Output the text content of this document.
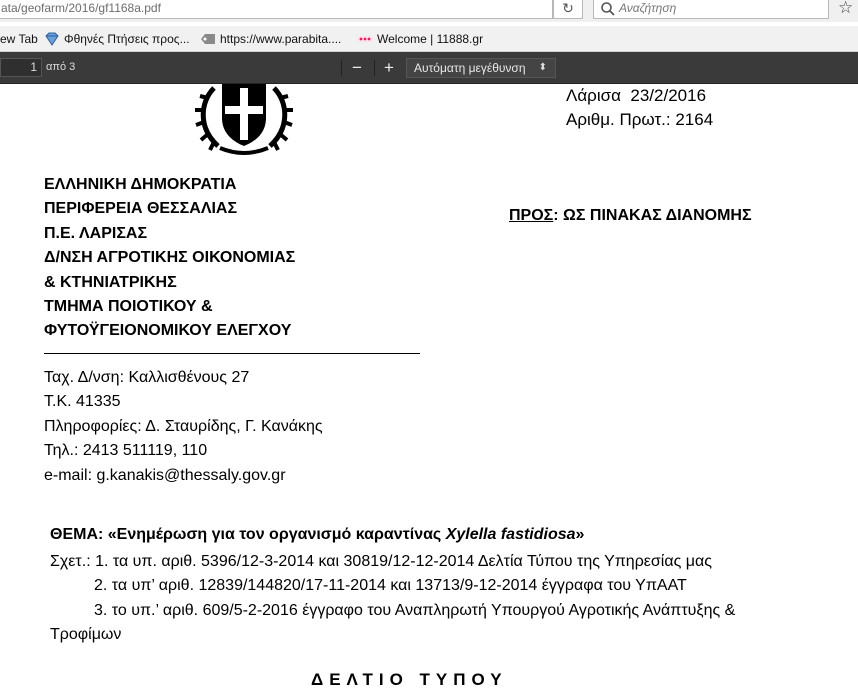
ata/geofarm/2016/gf1168a.pdf	↻	Αναζήτηση	☆
ew Tab Φθηνές Πτήσεις προς...	https://www.parabita....	Welcome | 11888.gr
1 από 3	−	+	Αυτόματη μεγέθυνση ⬍
Λάρισα  23/2/2016
Αριθμ. Πρωτ.: 2164
ΕΛΛΗΝΙΚΗ ΔΗΜΟΚΡΑΤΙΑ
ΠΕΡΙΦΕΡΕΙΑ ΘΕΣΣΑΛΙΑΣ
Π.Ε. ΛΑΡΙΣΑΣ
Δ/ΝΣΗ ΑΓΡΟΤΙΚΗΣ ΟΙΚΟΝΟΜΙΑΣ
& ΚΤΗΝΙΑΤΡΙΚΗΣ
ΤΜΗΜΑ ΠΟΙΟΤΙΚΟΥ &
ΦΥΤΟΫΓΕΙΟΝΟΜΙΚΟΥ ΕΛΕΓΧΟΥ
ΠΡΟΣ: ΩΣ ΠΙΝΑΚΑΣ ΔΙΑΝΟΜΗΣ
Ταχ. Δ/νση: Καλλισθένους 27
Τ.Κ. 41335
Πληροφορίες: Δ. Σταυρίδης, Γ. Κανάκης
Τηλ.: 2413 511119, 110
e-mail: g.kanakis@thessaly.gov.gr
ΘΕΜΑ: «Ενημέρωση για τον οργανισμό καραντίνας Xylella fastidiosa»
Σχετ.: 1. τα υπ. αριθ. 5396/12-3-2014 και 30819/12-12-2014 Δελτία Τύπου της Υπηρεσίας μας
2. τα υπ’ αριθ. 12839/144820/17-11-2014 και 13713/9-12-2014 έγγραφα του ΥπΑΑΤ
3. το υπ.’ αριθ. 609/5-2-2016 έγγραφο του Αναπληρωτή Υπουργού Αγροτικής Ανάπτυξης &
Τροφίμων
ΔΕΛΤΙΟ ΤΥΠΟΥ
